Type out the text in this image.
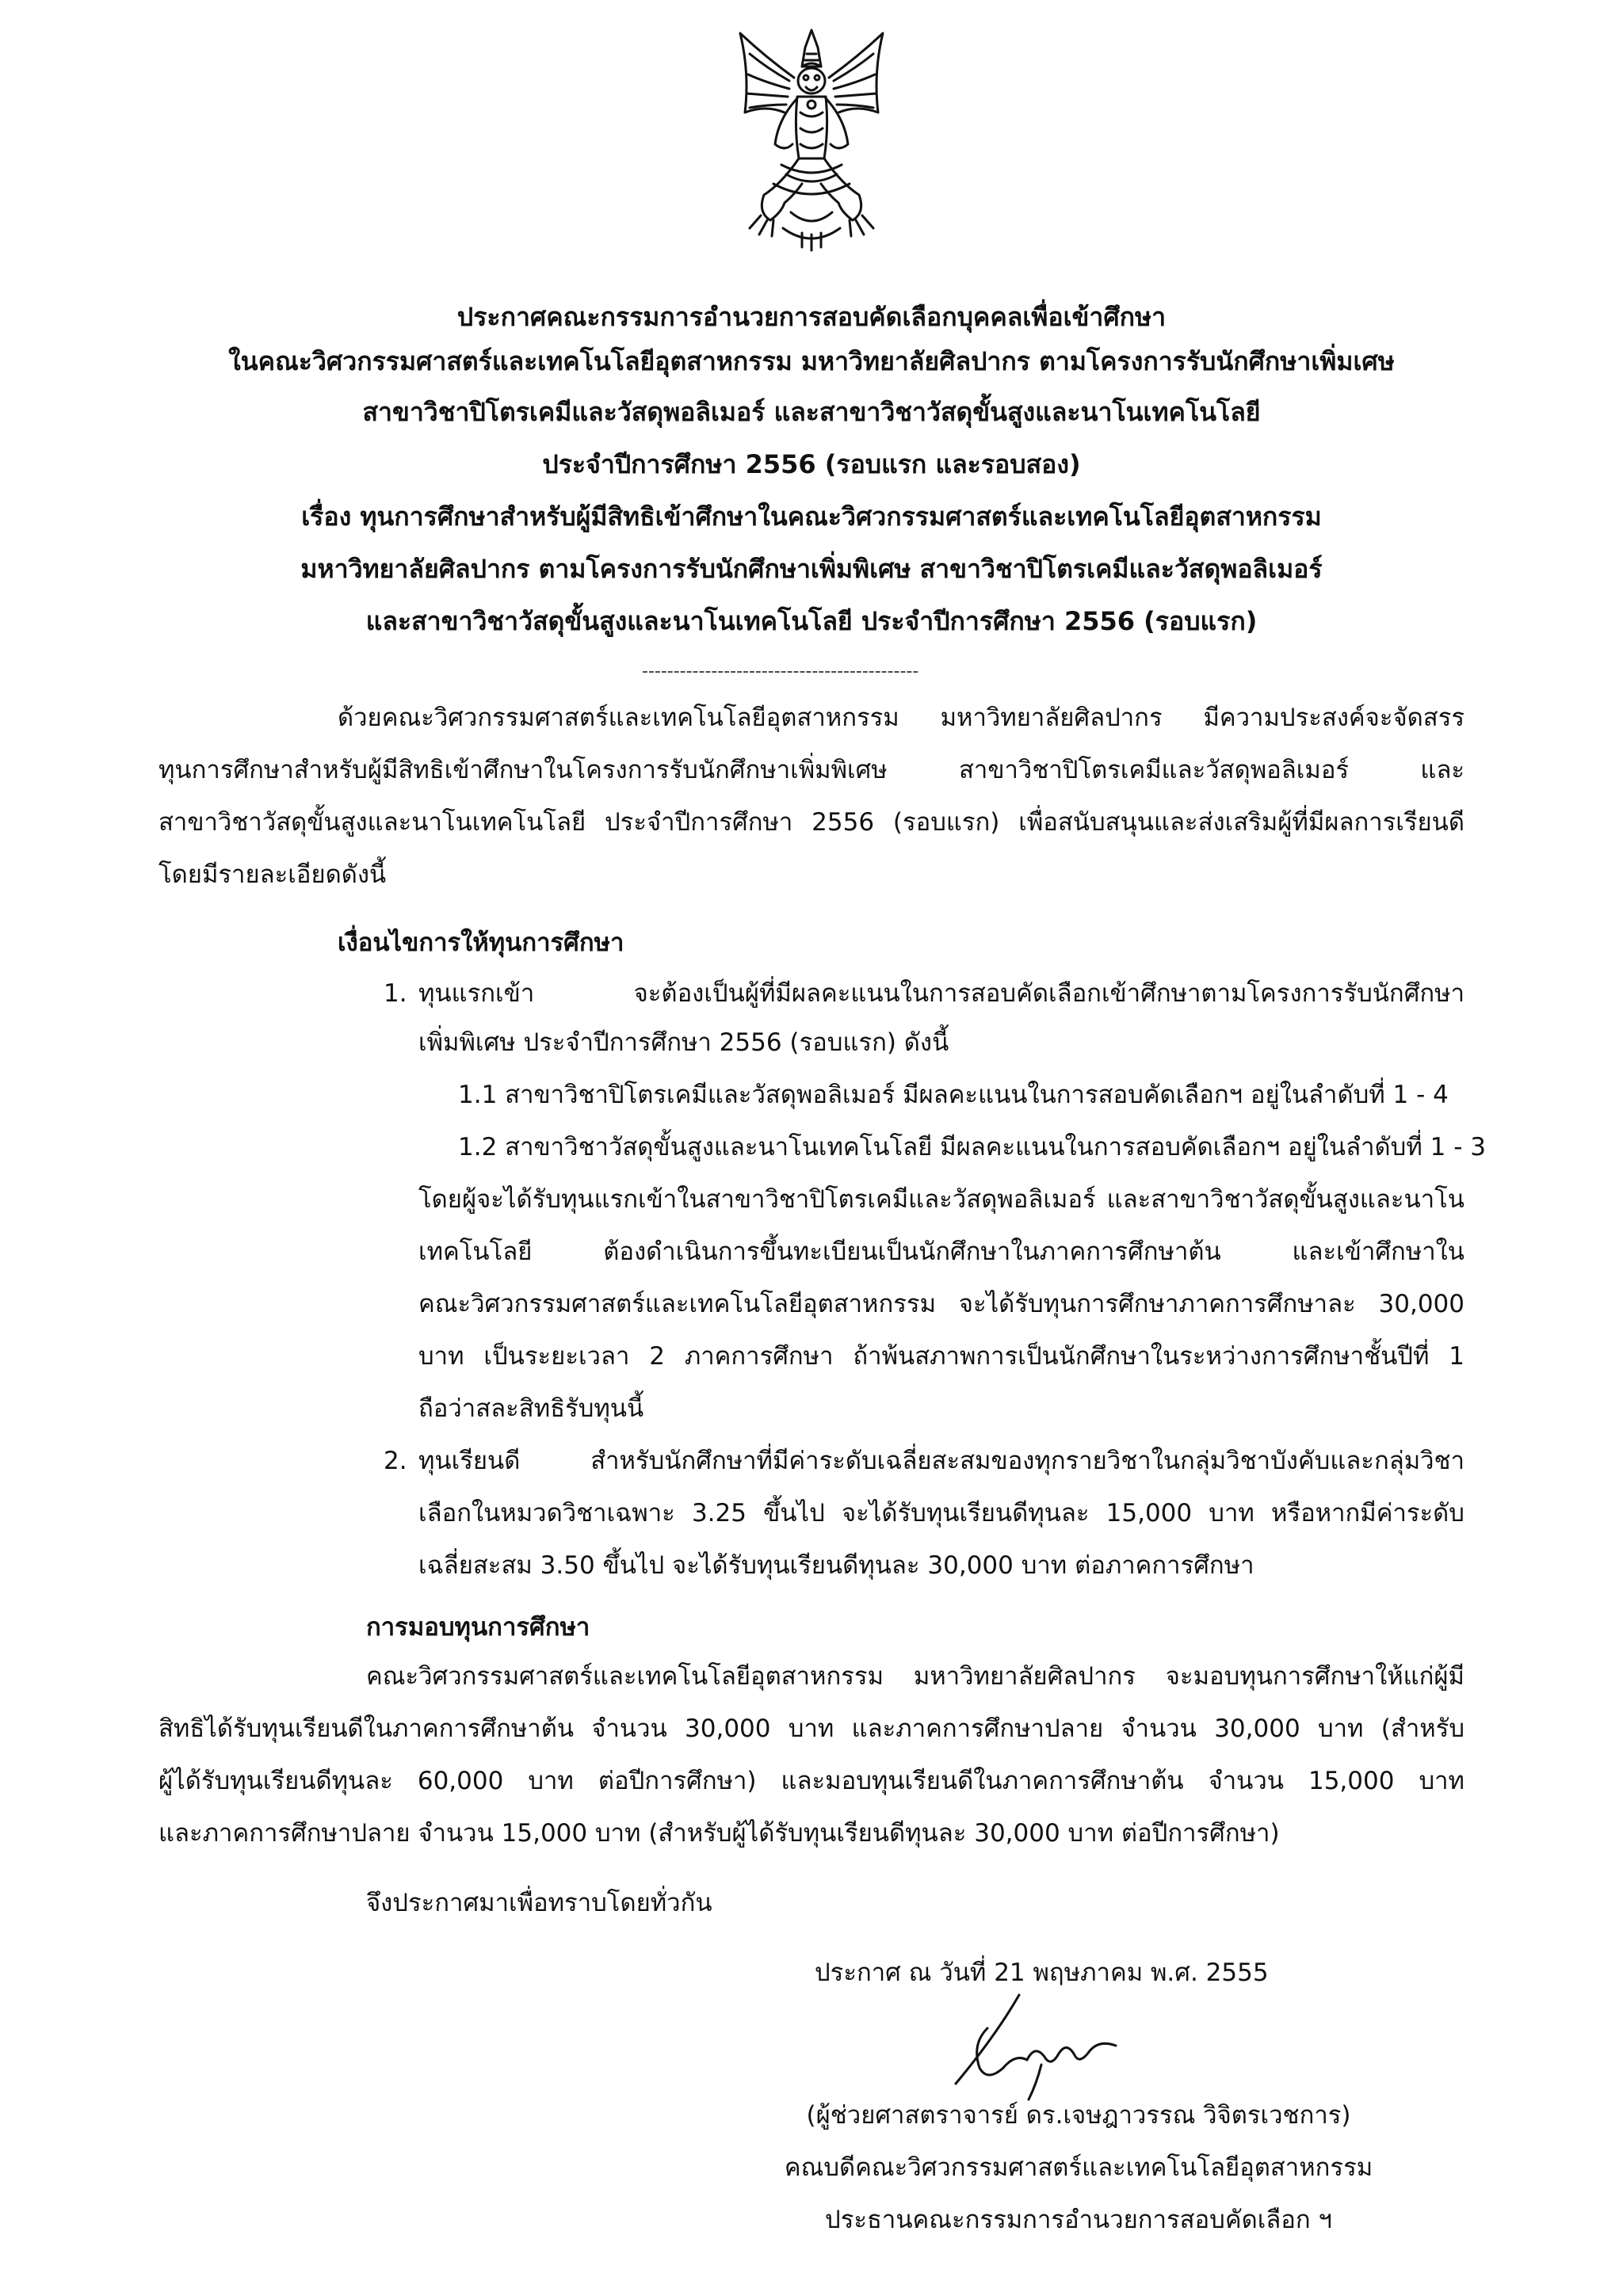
ประกาศคณะกรรมการอำนวยการสอบคัดเลือกบุคคลเพื่อเข้าศึกษา
ในคณะวิศวกรรมศาสตร์และเทคโนโลยีอุตสาหกรรม มหาวิทยาลัยศิลปากร ตามโครงการรับนักศึกษาเพิ่มเศษ
สาขาวิชาปิโตรเคมีและวัสดุพอลิเมอร์ และสาขาวิชาวัสดุขั้นสูงและนาโนเทคโนโลยี
ประจำปีการศึกษา 2556 (รอบแรก และรอบสอง)
เรื่อง ทุนการศึกษาสำหรับผู้มีสิทธิเข้าศึกษาในคณะวิศวกรรมศาสตร์และเทคโนโลยีอุตสาหกรรม
มหาวิทยาลัยศิลปากร ตามโครงการรับนักศึกษาเพิ่มพิเศษ สาขาวิชาปิโตรเคมีและวัสดุพอลิเมอร์
และสาขาวิชาวัสดุขั้นสูงและนาโนเทคโนโลยี ประจำปีการศึกษา 2556 (รอบแรก)
--------------------------------------------
ด้วยคณะวิศวกรรมศาสตร์และเทคโนโลยีอุตสาหกรรม มหาวิทยาลัยศิลปากร มีความประสงค์จะจัดสรร
ทุนการศึกษาสำหรับผู้มีสิทธิเข้าศึกษาในโครงการรับนักศึกษาเพิ่มพิเศษ สาขาวิชาปิโตรเคมีและวัสดุพอลิเมอร์ และ
สาขาวิชาวัสดุขั้นสูงและนาโนเทคโนโลยี ประจำปีการศึกษา 2556 (รอบแรก) เพื่อสนับสนุนและส่งเสริมผู้ที่มีผลการเรียนดี
โดยมีรายละเอียดดังนี้
เงื่อนไขการให้ทุนการศึกษา
1. ทุนแรกเข้า จะต้องเป็นผู้ที่มีผลคะแนนในการสอบคัดเลือกเข้าศึกษาตามโครงการรับนักศึกษา
เพิ่มพิเศษ ประจำปีการศึกษา 2556 (รอบแรก) ดังนี้
1.1 สาขาวิชาปิโตรเคมีและวัสดุพอลิเมอร์ มีผลคะแนนในการสอบคัดเลือกฯ อยู่ในลำดับที่ 1 - 4
1.2 สาขาวิชาวัสดุขั้นสูงและนาโนเทคโนโลยี มีผลคะแนนในการสอบคัดเลือกฯ อยู่ในลำดับที่ 1 - 3
โดยผู้จะได้รับทุนแรกเข้าในสาขาวิชาปิโตรเคมีและวัสดุพอลิเมอร์ และสาขาวิชาวัสดุขั้นสูงและนาโน
เทคโนโลยี ต้องดำเนินการขึ้นทะเบียนเป็นนักศึกษาในภาคการศึกษาต้น และเข้าศึกษาใน
คณะวิศวกรรมศาสตร์และเทคโนโลยีอุตสาหกรรม จะได้รับทุนการศึกษาภาคการศึกษาละ 30,000
บาท เป็นระยะเวลา 2 ภาคการศึกษา ถ้าพ้นสภาพการเป็นนักศึกษาในระหว่างการศึกษาชั้นปีที่ 1
ถือว่าสละสิทธิรับทุนนี้
2. ทุนเรียนดี สำหรับนักศึกษาที่มีค่าระดับเฉลี่ยสะสมของทุกรายวิชาในกลุ่มวิชาบังคับและกลุ่มวิชา
เลือกในหมวดวิชาเฉพาะ 3.25 ขึ้นไป จะได้รับทุนเรียนดีทุนละ 15,000 บาท หรือหากมีค่าระดับ
เฉลี่ยสะสม 3.50 ขึ้นไป จะได้รับทุนเรียนดีทุนละ 30,000 บาท ต่อภาคการศึกษา
การมอบทุนการศึกษา
คณะวิศวกรรมศาสตร์และเทคโนโลยีอุตสาหกรรม มหาวิทยาลัยศิลปากร จะมอบทุนการศึกษาให้แก่ผู้มี
สิทธิได้รับทุนเรียนดีในภาคการศึกษาต้น จำนวน 30,000 บาท และภาคการศึกษาปลาย จำนวน 30,000 บาท (สำหรับ
ผู้ได้รับทุนเรียนดีทุนละ 60,000 บาท ต่อปีการศึกษา) และมอบทุนเรียนดีในภาคการศึกษาต้น จำนวน 15,000 บาท
และภาคการศึกษาปลาย จำนวน 15,000 บาท (สำหรับผู้ได้รับทุนเรียนดีทุนละ 30,000 บาท ต่อปีการศึกษา)
จึงประกาศมาเพื่อทราบโดยทั่วกัน
ประกาศ ณ วันที่ 21 พฤษภาคม พ.ศ. 2555
(ผู้ช่วยศาสตราจารย์ ดร.เจษฎาวรรณ วิจิตรเวชการ)
คณบดีคณะวิศวกรรมศาสตร์และเทคโนโลยีอุตสาหกรรม
ประธานคณะกรรมการอำนวยการสอบคัดเลือก ฯ
